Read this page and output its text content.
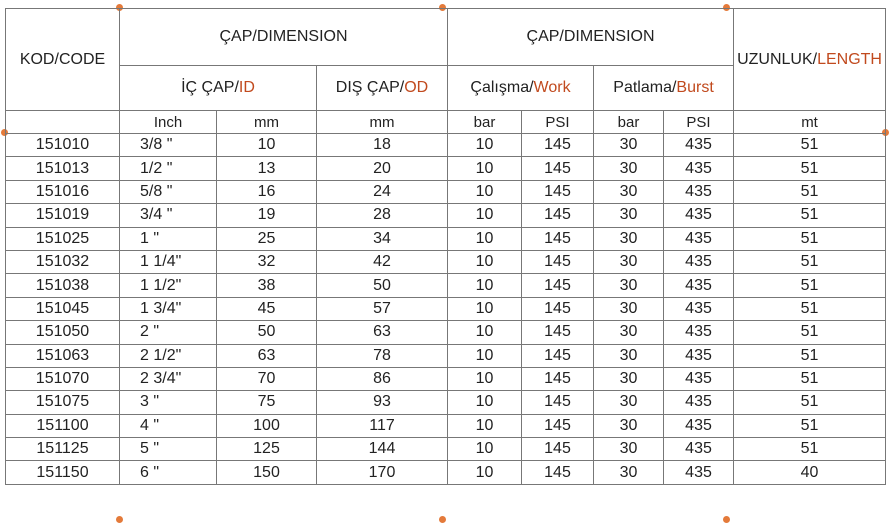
KOD/CODE	ÇAP/DIMENSION			ÇAP/DIMENSION				UZUNLUK/LENGTH
	İÇ ÇAP/ID		DIŞ ÇAP/OD	Çalışma/Work		Patlama/Burst		
	Inch	mm	mm	bar	PSI	bar	PSI	mt
151010	3/8 "	10	18	10	145	30	435	51
151013	1/2 "	13	20	10	145	30	435	51
151016	5/8 "	16	24	10	145	30	435	51
151019	3/4 "	19	28	10	145	30	435	51
151025	1 "	25	34	10	145	30	435	51
151032	1 1/4"	32	42	10	145	30	435	51
151038	1 1/2"	38	50	10	145	30	435	51
151045	1 3/4"	45	57	10	145	30	435	51
151050	2 "	50	63	10	145	30	435	51
151063	2 1/2"	63	78	10	145	30	435	51
151070	2 3/4"	70	86	10	145	30	435	51
151075	3 "	75	93	10	145	30	435	51
151100	4 "	100	117	10	145	30	435	51
151125	5 "	125	144	10	145	30	435	51
151150	6 "	150	170	10	145	30	435	40
